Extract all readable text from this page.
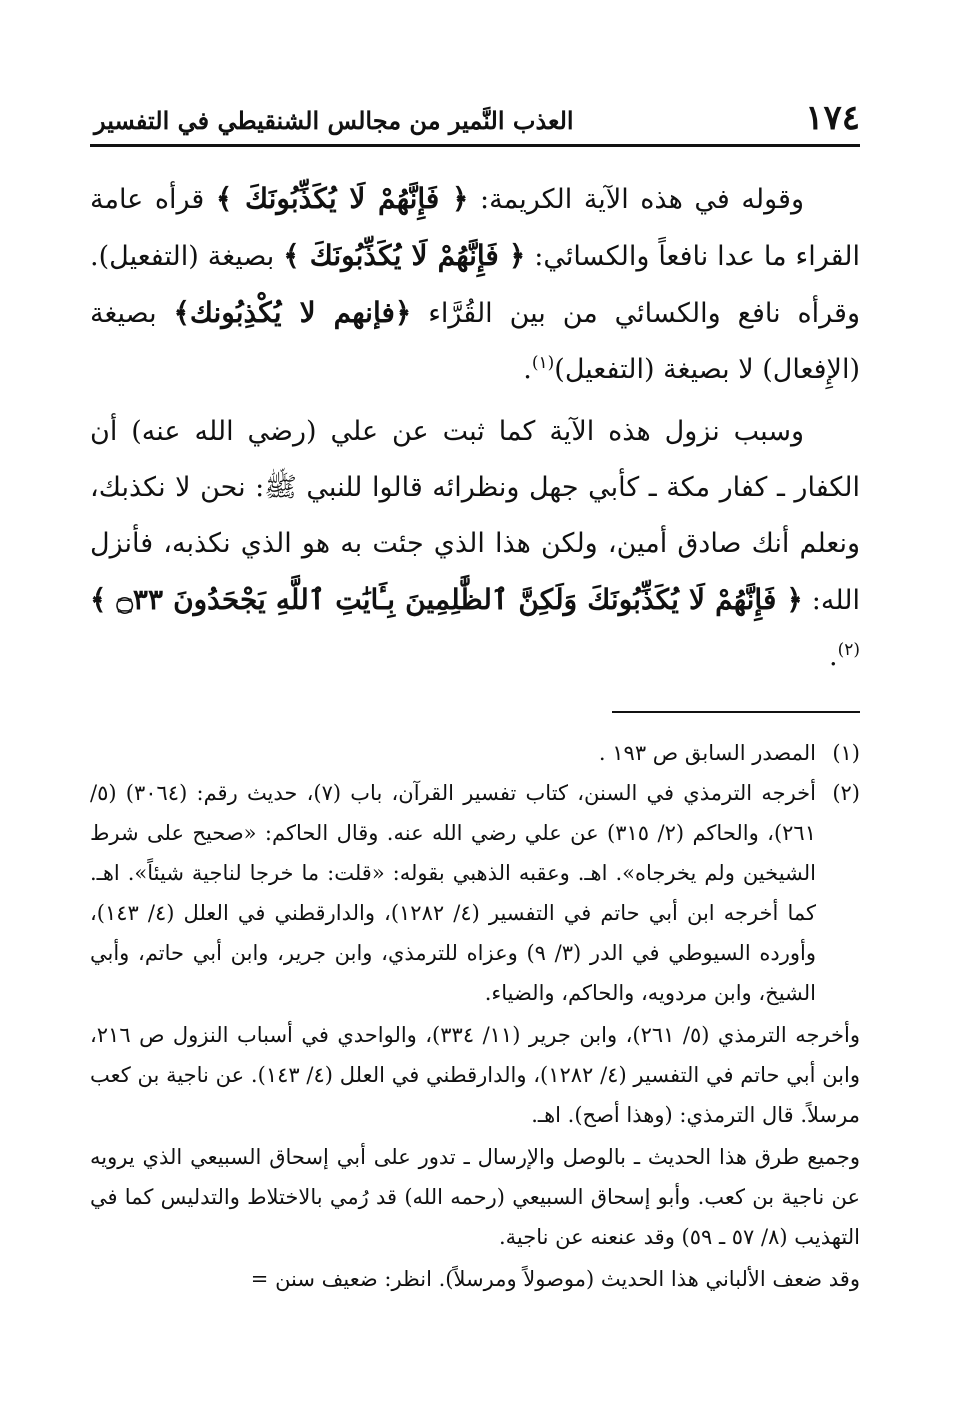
١٧٤
العذب النَّمير من مجالس الشنقيطي في التفسير

وقوله في هذه الآية الكريمة: ﴿ فَإِنَّهُمْ لَا يُكَذِّبُونَكَ ﴾ قرأه عامة القراء ما عدا نافعاً والكسائي: ﴿ فَإِنَّهُمْ لَا يُكَذِّبُونَكَ ﴾ بصيغة (التفعيل). وقرأه نافع والكسائي من بين القُرَّاء ﴿فإنهم لا يُكْذِبُونك﴾ بصيغة (الإِفعال) لا بصيغة (التفعيل)$^{(١)}$.

وسبب نزول هذه الآية كما ثبت عن علي (رضي الله عنه) أن الكفار ـ كفار مكة ـ كأبي جهل ونظرائه قالوا للنبي ﷺ: نحن لا نكذبك، ونعلم أنك صادق أمين، ولكن هذا الذي جئت به هو الذي نكذبه، فأنزل الله: ﴿ فَإِنَّهُمْ لَا يُكَذِّبُونَكَ وَلَكِنَّ ٱلظَّٰلِمِينَ بِـَٔايَٰتِ ٱللَّهِ يَجْحَدُونَ ۝٣٣ ﴾$^{(٢)}$.

(١)
المصدر السابق ص ١٩٣ .
(٢)
أخرجه الترمذي في السنن، كتاب تفسير القرآن، باب (٧)، حديث رقم: (٣٠٦٤) (٥/ ٢٦١)، والحاكم (٢/ ٣١٥) عن علي رضي الله عنه. وقال الحاكم: «صحيح على شرط الشيخين ولم يخرجاه». اهـ. وعقبه الذهبي بقوله: «قلت: ما خرجا لناجية شيئاً». اهـ. كما أخرجه ابن أبي حاتم في التفسير (٤/ ١٢٨٢)، والدارقطني في العلل (٤/ ١٤٣)، وأورده السيوطي في الدر (٣/ ٩) وعزاه للترمذي، وابن جرير، وابن أبي حاتم، وأبي الشيخ، وابن مردويه، والحاكم، والضياء.
وأخرجه الترمذي (٥/ ٢٦١)، وابن جرير (١١/ ٣٣٤)، والواحدي في أسباب النزول ص ٢١٦، وابن أبي حاتم في التفسير (٤/ ١٢٨٢)، والدارقطني في العلل (٤/ ١٤٣). عن ناجية بن كعب مرسلاً. قال الترمذي: (وهذا أصح). اهـ.
وجميع طرق هذا الحديث ـ بالوصل والإرسال ـ تدور على أبي إسحاق السبيعي الذي يرويه عن ناجية بن كعب. وأبو إسحاق السبيعي (رحمه الله) قد رُمي بالاختلاط والتدليس كما في التهذيب (٨/ ٥٧ ـ ٥٩) وقد عنعنه عن ناجية.
وقد ضعف الألباني هذا الحديث (موصولاً ومرسلاً). انظر: ضعيف سنن =
